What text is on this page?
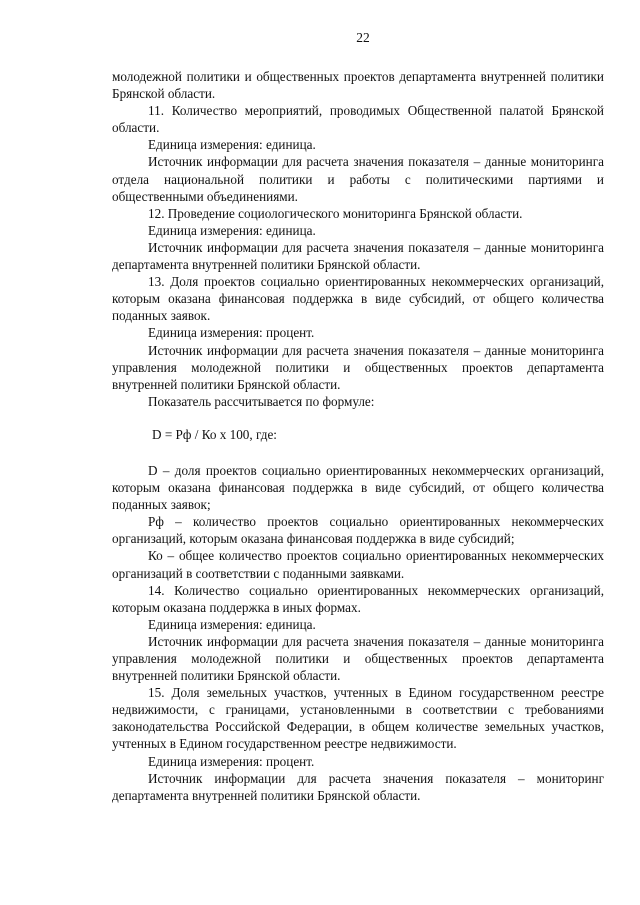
22
молодежной политики и общественных проектов департамента внутренней политики Брянской области.
11. Количество мероприятий, проводимых Общественной палатой Брянской области.
Единица измерения: единица.
Источник информации для расчета значения показателя – данные мониторинга отдела национальной политики и работы с политическими партиями и общественными объединениями.
12. Проведение социологического мониторинга Брянской области.
Единица измерения: единица.
Источник информации для расчета значения показателя – данные мониторинга департамента внутренней политики Брянской области.
13. Доля проектов социально ориентированных некоммерческих организаций, которым оказана финансовая поддержка в виде субсидий, от общего количества поданных заявок.
Единица измерения: процент.
Источник информации для расчета значения показателя – данные мониторинга управления молодежной политики и общественных проектов департамента внутренней политики Брянской области.
Показатель рассчитывается по формуле:
D = Рф / Ко х 100, где:
D – доля проектов социально ориентированных некоммерческих организаций, которым оказана финансовая поддержка в виде субсидий, от общего количества поданных заявок;
Рф – количество проектов социально ориентированных некоммерческих организаций, которым оказана финансовая поддержка в виде субсидий;
Ко – общее количество проектов социально ориентированных некоммерческих организаций в соответствии с поданными заявками.
14. Количество социально ориентированных некоммерческих организаций, которым оказана поддержка в иных формах.
Единица измерения: единица.
Источник информации для расчета значения показателя – данные мониторинга управления молодежной политики и общественных проектов департамента внутренней политики Брянской области.
15. Доля земельных участков, учтенных в Едином государственном реестре недвижимости, с границами, установленными в соответствии с требованиями законодательства Российской Федерации, в общем количестве земельных участков, учтенных в Едином государственном реестре недвижимости.
Единица измерения: процент.
Источник информации для расчета значения показателя – мониторинг департамента внутренней политики Брянской области.
